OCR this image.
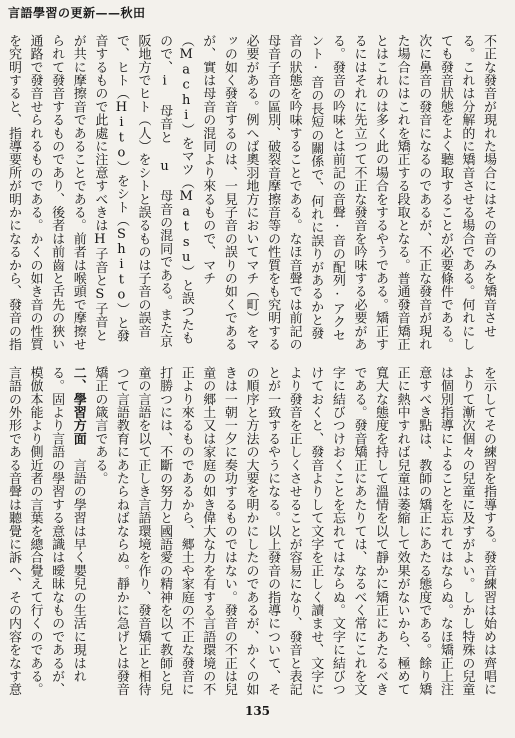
言語學習の更新——秋田

不正な發音が現れた場合にはその音のみを矯音させる。これは分解的に矯音させる場合である。何れにしても發音狀態をよく聽取することが必要條件である。次に鼻音の發音になるのであるが、不正な發音が現れた場合にはこれを矯正する段取となる。普通發音矯正とはこれのは多く此の場合をするやうである。矯正するにはそれに先立つて不正な發音を吟味する必要がある。發音の吟味とは前記の音聲·音の配列·アクセント·音の長短の關係で、何れに誤りがあるかと發音の狀態を吟味することである。なほ音聲では前記の母音子音の區別、破裂音摩擦音等の性質をも究明する必要がある。例へば奧羽地方においてマチ（町）をマッの如く發音するのは、一見子音の誤りの如くであるが、實は母音の混同より來るもので、マチ（Machi）をマツ（Matsu）と誤つたもので、i 母音と u 母音の混同である。また京阪地方でヒト（人）をシトと誤るものは子音の誤音で、ヒト（Hito）をシト（Shito）と發音するもので此處に注意すべきはH子音とS子音とが共に摩擦音であることである。前者は喉頭で摩擦せられて發音するものであり、後者は前齒と舌先の狹い通路で發音せられるものである。かくの如き音の性質を究明すると、指導要所が明かになるから、發音の指

を示してその練習を指導する。發音練習は始めは齊唱によりて漸次個々の兒童に及すがよい。しかし特殊の兒童は個別指導によることを忘れてはならぬ。なほ矯正上注意すべき點は、教師の矯正にあたる態度である。餘り矯正に熱中すれば兒童は萎縮して效果がないから、極めて寬大な態度を持して溫情を以て靜かに矯正にあたるべきである。發音矯正にあたりては、なるべく常にこれを文字に結びつけおくことを忘れてはならぬ。文字に結びつけておくと、發音よりして文字を正しく讀ませ、文字により發音を正しくさせることが容易になり、發音と表記とが一致するやうになる。以上發音の指導について、その順序と方法の大要を明かにしたのであるが、かくの如きは一朝一夕に奏功するものではない。發音の不正は兒童の郷土又は家庭の如き偉大な力を有する言語環境の不正より來るものであるから、郷土や家庭の不正な發音に打勝つには、不斷の努力と國語愛の精神を以て教師と兒童の言語を以て正しき言語環境を作り、發音矯正と相待つて言語教育にあたらねばならぬ。靜かに急げとは發音矯正の箴言である。

二、學習方面　言語の學習は早く嬰兒の生活に現はれる。固より言語の學習する意識は曖昧なものであるが、模倣本能より側近者の言葉を總合覺えて行くのである。言語の外形である音聲は聽覺に訴へ、その内容をなす意

135
